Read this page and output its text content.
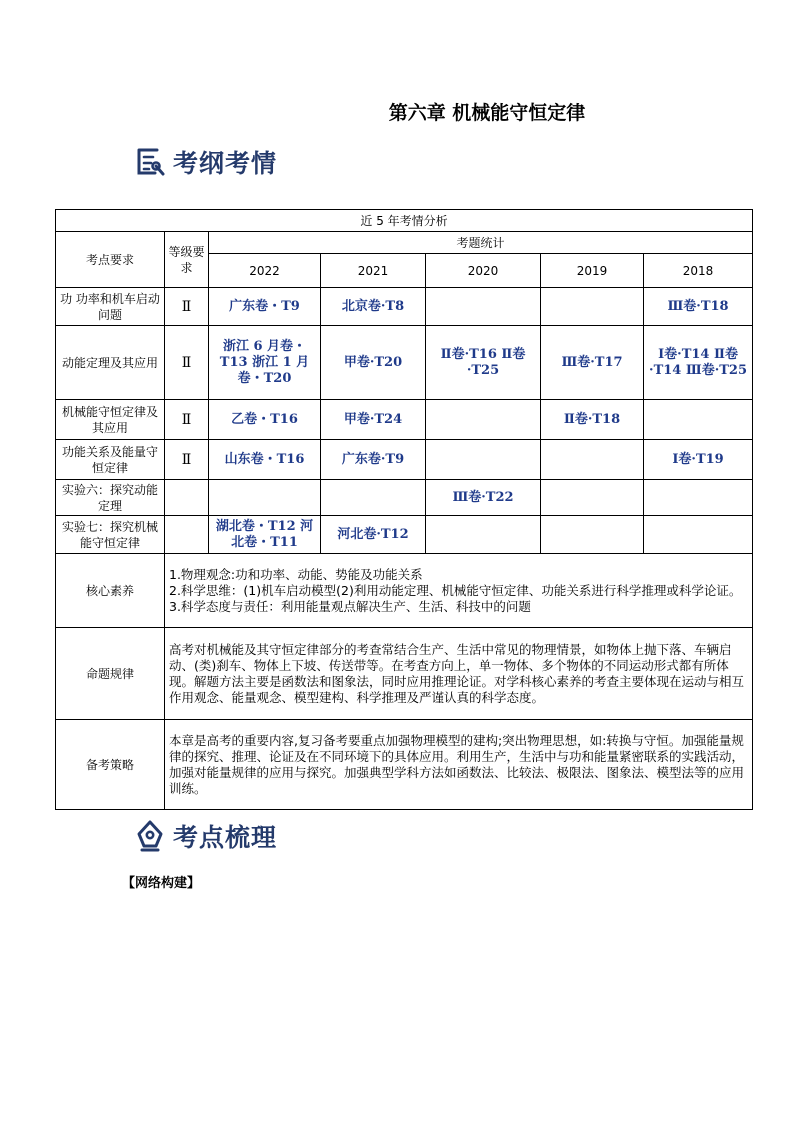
第六章 机械能守恒定律
考纲考情
近 5 年考情分析						
考点要求	等级要求	考题统计				
		2022	2021	2020	2019	2018
功 功率和机车启动问题	Ⅱ	广东卷・T9	北京卷·T8			Ⅲ卷·T18
动能定理及其应用	Ⅱ	浙江 6 月卷・T13 浙江 1 月卷・T20	甲卷·T20	Ⅱ卷·T16 Ⅱ卷·T25	Ⅲ卷·T17	Ⅰ卷·T14 Ⅱ卷·T14 Ⅲ卷·T25
机械能守恒定律及其应用	Ⅱ	乙卷・T16	甲卷·T24		Ⅱ卷·T18	
功能关系及能量守恒定律	Ⅱ	山东卷・T16	广东卷·T9			Ⅰ卷·T19
实验六：探究动能定理				Ⅲ卷·T22		
实验七：探究机械能守恒定律		湖北卷・T12 河北卷・T11	河北卷·T12			
核心素养	1.物理观念:功和功率、动能、势能及功能关系
2.科学思维：(1)机车启动模型(2)利用动能定理、机械能守恒定律、功能关系进行科学推理或科学论证。
3.科学态度与责任：利用能量观点解决生产、生活、科技中的问题					

命题规律	高考对机械能及其守恒定律部分的考查常结合生产、生活中常见的物理情景，如物体上抛下落、车辆启动、(类)刹车、物体上下坡、传送带等。在考查方向上，单一物体、多个物体的不同运动形式都有所体现。解题方法主要是函数法和图象法，同时应用推理论证。对学科核心素养的考查主要体现在运动与相互作用观念、能量观念、模型建构、科学推理及严谨认真的科学态度。					
备考策略	本章是高考的重要内容,复习备考要重点加强物理模型的建构;突出物理思想，如:转换与守恒。加强能量规律的探究、推理、论证及在不同环境下的具体应用。利用生产，生活中与功和能量紧密联系的实践活动，加强对能量规律的应用与探究。加强典型学科方法如函数法、比较法、极限法、图象法、模型法等的应用训练。					
考点梳理
【网络构建】
